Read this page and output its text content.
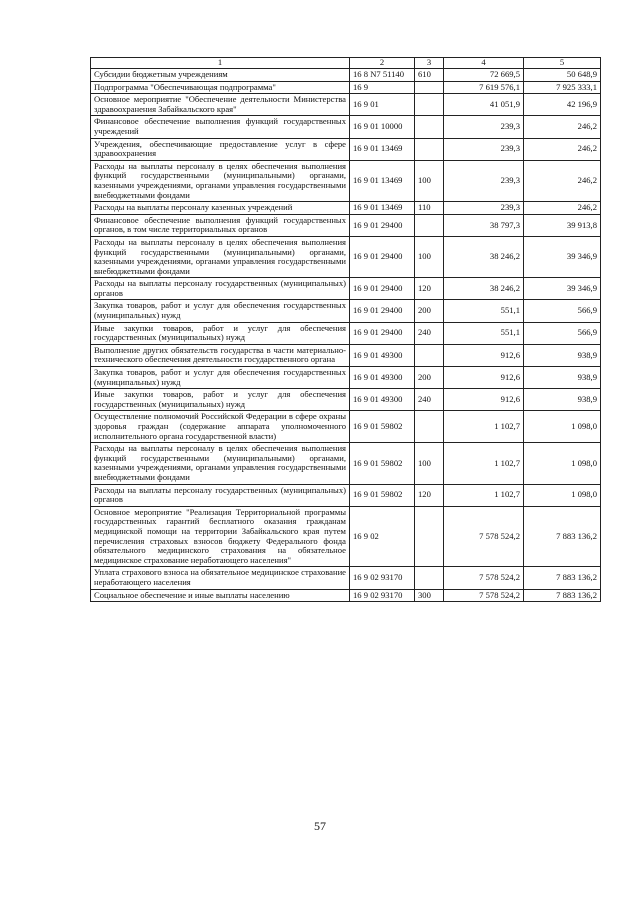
1	2	3	4	5
Субсидии бюджетным учреждениям	16 8 N7 51140	610	72 669,5	50 648,9
Подпрограмма "Обеспечивающая подпрограмма"	16 9		7 619 576,1	7 925 333,1
Основное мероприятие "Обеспечение деятельности Министерства здравоохранения Забайкальского края"	16 9 01		41 051,9	42 196,9
Финансовое обеспечение выполнения функций государственных учреждений	16 9 01 10000		239,3	246,2
Учреждения, обеспечивающие предоставление услуг в сфере здравоохранения	16 9 01 13469		239,3	246,2
Расходы на выплаты персоналу в целях обеспечения выполнения функций государственными (муниципальными) органами, казенными учреждениями, органами управления государственными внебюджетными фондами	16 9 01 13469	100	239,3	246,2
Расходы на выплаты персоналу казенных учреждений	16 9 01 13469	110	239,3	246,2
Финансовое обеспечение выполнения функций государственных органов, в том числе территориальных органов	16 9 01 29400		38 797,3	39 913,8
Расходы на выплаты персоналу в целях обеспечения выполнения функций государственными (муниципальными) органами, казенными учреждениями, органами управления государственными внебюджетными фондами	16 9 01 29400	100	38 246,2	39 346,9
Расходы на выплаты персоналу государственных (муниципальных) органов	16 9 01 29400	120	38 246,2	39 346,9
Закупка товаров, работ и услуг для обеспечения государственных (муниципальных) нужд	16 9 01 29400	200	551,1	566,9
Иные закупки товаров, работ и услуг для обеспечения государственных (муниципальных) нужд	16 9 01 29400	240	551,1	566,9
Выполнение других обязательств государства в части материально-технического обеспечения деятельности государственного органа	16 9 01 49300		912,6	938,9
Закупка товаров, работ и услуг для обеспечения государственных (муниципальных) нужд	16 9 01 49300	200	912,6	938,9
Иные закупки товаров, работ и услуг для обеспечения государственных (муниципальных) нужд	16 9 01 49300	240	912,6	938,9
Осуществление полномочий Российской Федерации в сфере охраны здоровья граждан (содержание аппарата уполномоченного исполнительного органа государственной власти)	16 9 01 59802		1 102,7	1 098,0
Расходы на выплаты персоналу в целях обеспечения выполнения функций государственными (муниципальными) органами, казенными учреждениями, органами управления государственными внебюджетными фондами	16 9 01 59802	100	1 102,7	1 098,0
Расходы на выплаты персоналу государственных (муниципальных) органов	16 9 01 59802	120	1 102,7	1 098,0
Основное мероприятие "Реализация Территориальной программы государственных гарантий бесплатного оказания гражданам медицинской помощи на территории Забайкальского края путем перечисления страховых взносов бюджету Федерального фонда обязательного медицинского страхования на обязательное медицинское страхование неработающего населения"	16 9 02		7 578 524,2	7 883 136,2
Уплата страхового взноса на обязательное медицинское страхование неработающего населения	16 9 02 93170		7 578 524,2	7 883 136,2
Социальное обеспечение и иные выплаты населению	16 9 02 93170	300	7 578 524,2	7 883 136,2
57
